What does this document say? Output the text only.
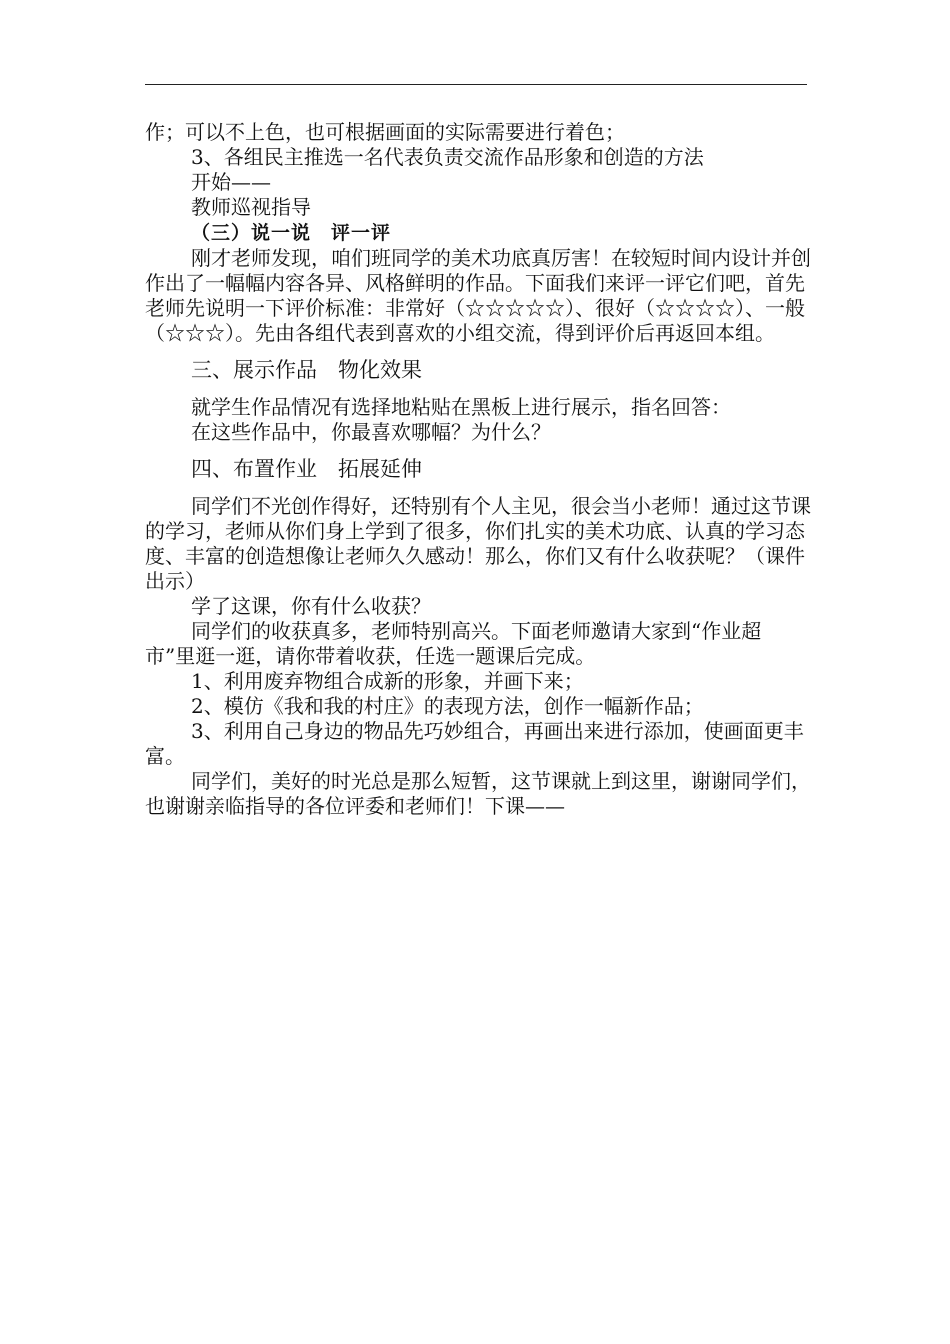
作；可以不上色，也可根据画面的实际需要进行着色；

3、各组民主推选一名代表负责交流作品形象和创造的方法

开始——

教师巡视指导

（三）说一说　评一评

刚才老师发现，咱们班同学的美术功底真厉害！在较短时间内设计并创作出了一幅幅内容各异、风格鲜明的作品。下面我们来评一评它们吧，首先老师先说明一下评价标准：非常好（☆☆☆☆☆）、很好（☆☆☆☆）、一般（☆☆☆）。先由各组代表到喜欢的小组交流，得到评价后再返回本组。

三、展示作品　物化效果

就学生作品情况有选择地粘贴在黑板上进行展示，指名回答：

在这些作品中，你最喜欢哪幅？为什么？

四、布置作业　拓展延伸

同学们不光创作得好，还特别有个人主见，很会当小老师！通过这节课的学习，老师从你们身上学到了很多，你们扎实的美术功底、认真的学习态度、丰富的创造想像让老师久久感动！那么，你们又有什么收获呢？（课件出示）

学了这课，你有什么收获？

同学们的收获真多，老师特别高兴。下面老师邀请大家到“作业超市”里逛一逛，请你带着收获，任选一题课后完成。

1、利用废弃物组合成新的形象，并画下来；

2、模仿《我和我的村庄》的表现方法，创作一幅新作品；

3、利用自己身边的物品先巧妙组合，再画出来进行添加，使画面更丰富。

同学们，美好的时光总是那么短暂，这节课就上到这里，谢谢同学们，也谢谢亲临指导的各位评委和老师们！下课——
